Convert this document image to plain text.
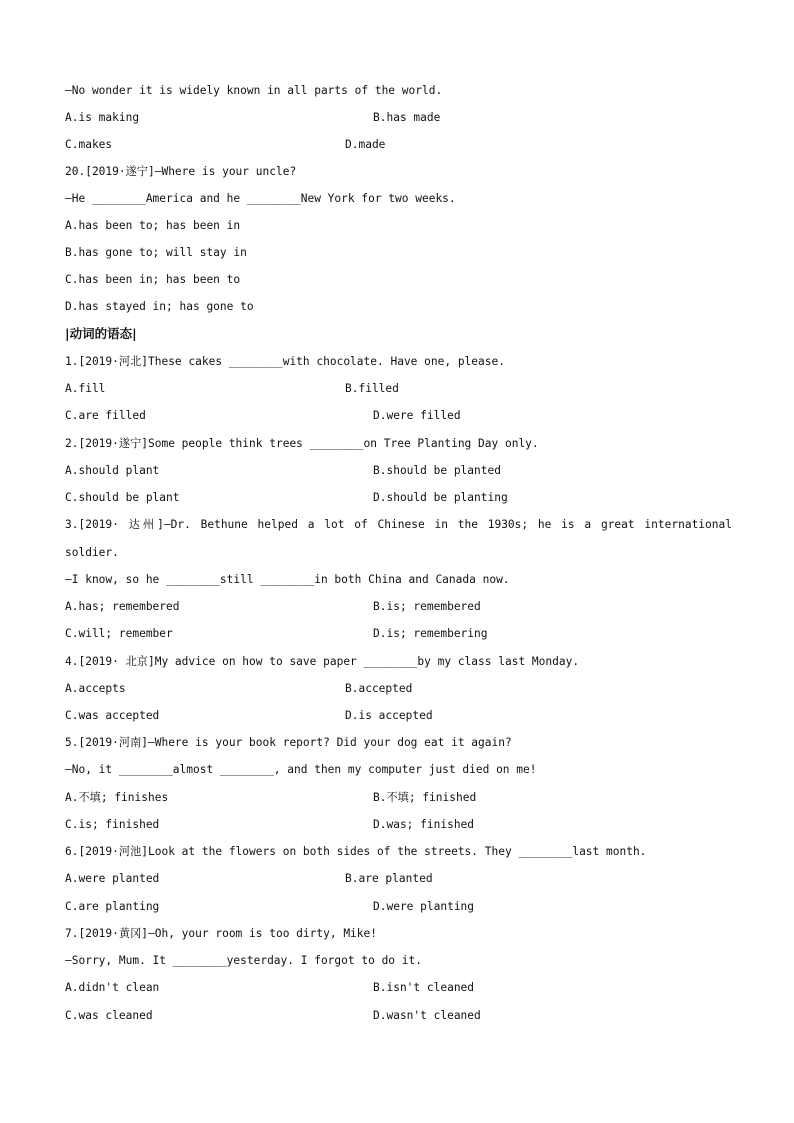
—No wonder it is widely known in all parts of the world.
A.is making	B.has made
C.makes	D.made
20.[2019·遂宁]—Where is your uncle?
—He ________America and he ________New York for two weeks.
A.has been to; has been in
B.has gone to; will stay in
C.has been in; has been to
D.has stayed in; has gone to
|动词的语态|
1.[2019·河北]These cakes ________with chocolate. Have one, please.
A.fill	B.filled
C.are filled	D.were filled
2.[2019·遂宁]Some people think trees ________on Tree Planting Day only.
A.should plant	B.should be planted
C.should be plant	D.should be planting
3.[2019· 达州]—Dr. Bethune helped a lot of Chinese in the 1930s; he is a great international
soldier.
—I know, so he ________still ________in both China and Canada now.
A.has; remembered	B.is; remembered
C.will; remember	D.is; remembering
4.[2019· 北京]My advice on how to save paper ________by my class last Monday.
A.accepts	B.accepted
C.was accepted	D.is accepted
5.[2019·河南]—Where is your book report? Did your dog eat it again?
—No, it ________almost ________, and then my computer just died on me!
A.不填; finishes	B.不填; finished
C.is; finished	D.was; finished
6.[2019·河池]Look at the flowers on both sides of the streets. They ________last month.
A.were planted	B.are planted
C.are planting	D.were planting
7.[2019·黄冈]—Oh, your room is too dirty, Mike!
—Sorry, Mum. It ________yesterday. I forgot to do it.
A.didn't clean	B.isn't cleaned
C.was cleaned	D.wasn't cleaned
